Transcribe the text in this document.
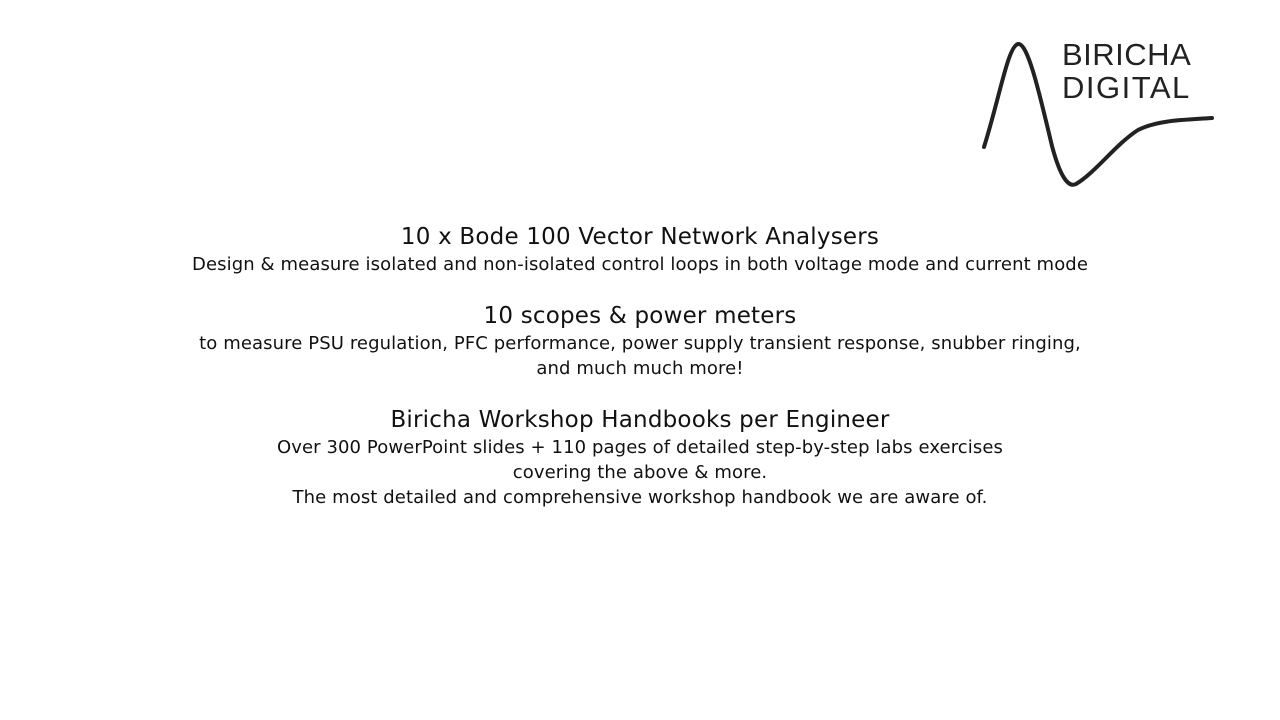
BIRICHA
DIGITAL
10 x Bode 100 Vector Network Analysers
Design & measure isolated and non-isolated control loops in both voltage mode and current mode
10 scopes & power meters
to measure PSU regulation, PFC performance, power supply transient response, snubber ringing,
and much much more!
Biricha Workshop Handbooks per Engineer
Over 300 PowerPoint slides + 110 pages of detailed step-by-step labs exercises
covering the above & more.
The most detailed and comprehensive workshop handbook we are aware of.
